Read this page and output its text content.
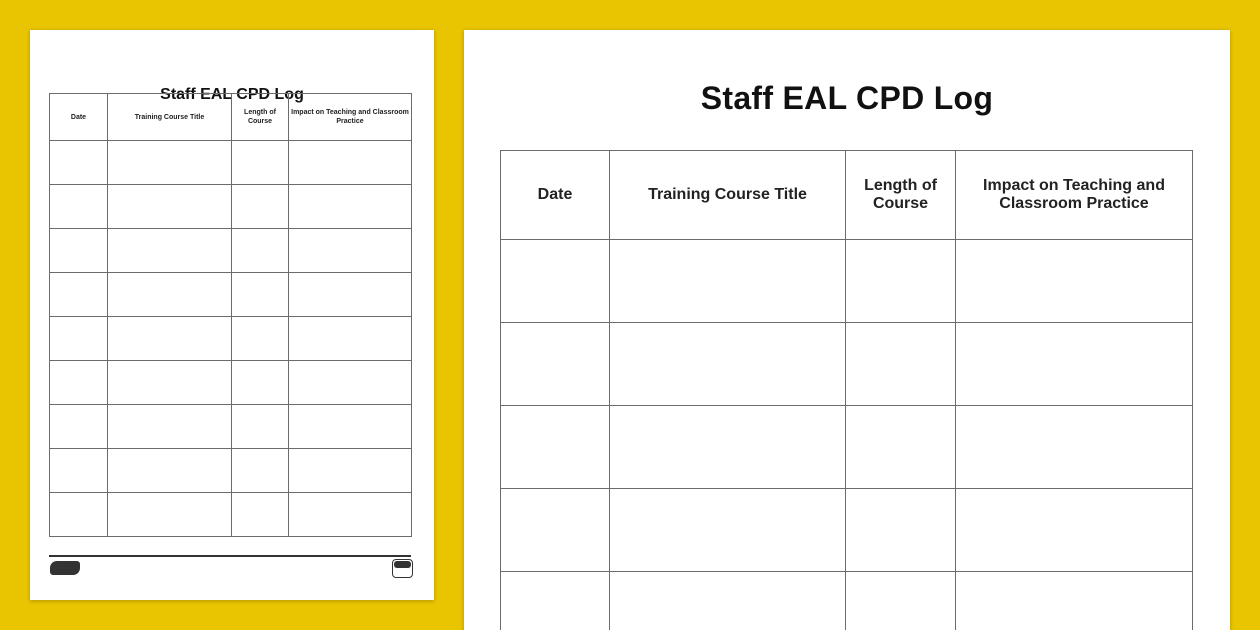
Staff EAL CPD Log
Date	Training Course Title	Length of Course	Impact on Teaching and Classroom Practice

Staff EAL CPD Log
Date	Training Course Title	Length of Course	Impact on Teaching and Classroom Practice
